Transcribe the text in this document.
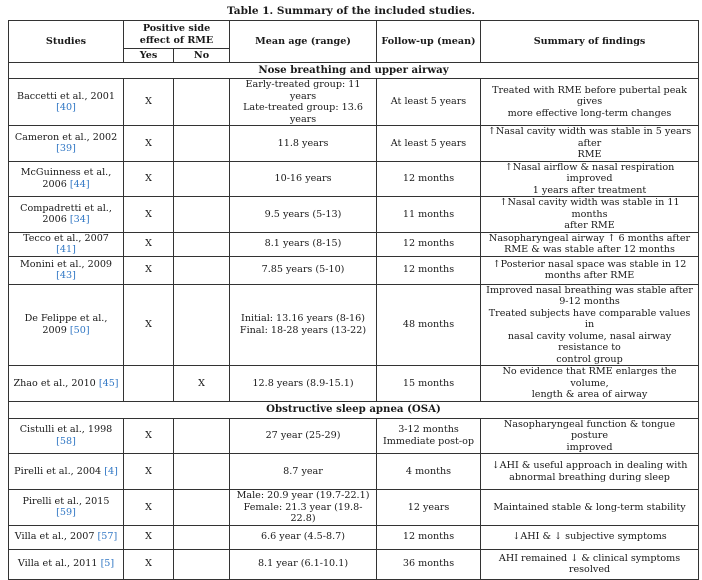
Table 1. Summary of the included studies.
Studies	Positive side effect of RME		Mean age (range)	Follow-up (mean)	Summary of findings
	Yes	No			
Nose breathing and upper airway					
Baccetti et al., 2001 [40]	X		Early-treated group: 11 years
Late-treated group: 13.6
years	At least 5 years	Treated with RME before pubertal peak gives
more effective long-term changes
Cameron et al., 2002 [39]	X		11.8 years	At least 5 years	↑Nasal cavity width was stable in 5 years after
RME
McGuinness et al.,
2006 [44]	X		10-16 years	12 months	↑Nasal airflow & nasal respiration improved
1 years after treatment
Compadretti et al.,
2006 [34]	X		9.5 years (5-13)	11 months	↑Nasal cavity width was stable in 11 months
after RME
Tecco et al., 2007 [41]	X		8.1 years (8-15)	12 months	Nasopharyngeal airway ↑ 6 months after
RME & was stable after 12 months
Monini et al., 2009 [43]	X		7.85 years (5-10)	12 months	↑Posterior nasal space was stable in 12
months after RME
De Felippe et al., 2009 [50]	X		Initial: 13.16 years (8-16)
Final: 18-28 years (13-22)	48 months	Improved nasal breathing was stable after
9-12 months
Treated subjects have comparable values in
nasal cavity volume, nasal airway resistance to
control group
Zhao et al., 2010 [45]		X	12.8 years (8.9-15.1)	15 months	No evidence that RME enlarges the volume,
length & area of airway
Obstructive sleep apnea (OSA)					
Cistulli et al., 1998 [58]	X		27 year (25-29)	3-12 months
Immediate post-op	Nasopharyngeal function & tongue posture
improved
Pirelli et al., 2004 [4]	X		8.7 year	4 months	↓AHI & useful approach in dealing with
abnormal breathing during sleep
Pirelli et al., 2015 [59]	X		Male: 20.9 year (19.7-22.1)
Female: 21.3 year (19.8-22.8)	12 years	Maintained stable & long-term stability
Villa et al., 2007 [57]	X		6.6 year (4.5-8.7)	12 months	↓AHI & ↓ subjective symptoms
Villa et al., 2011 [5]	X		8.1 year (6.1-10.1)	36 months	AHI remained ↓ & clinical symptoms
resolved
